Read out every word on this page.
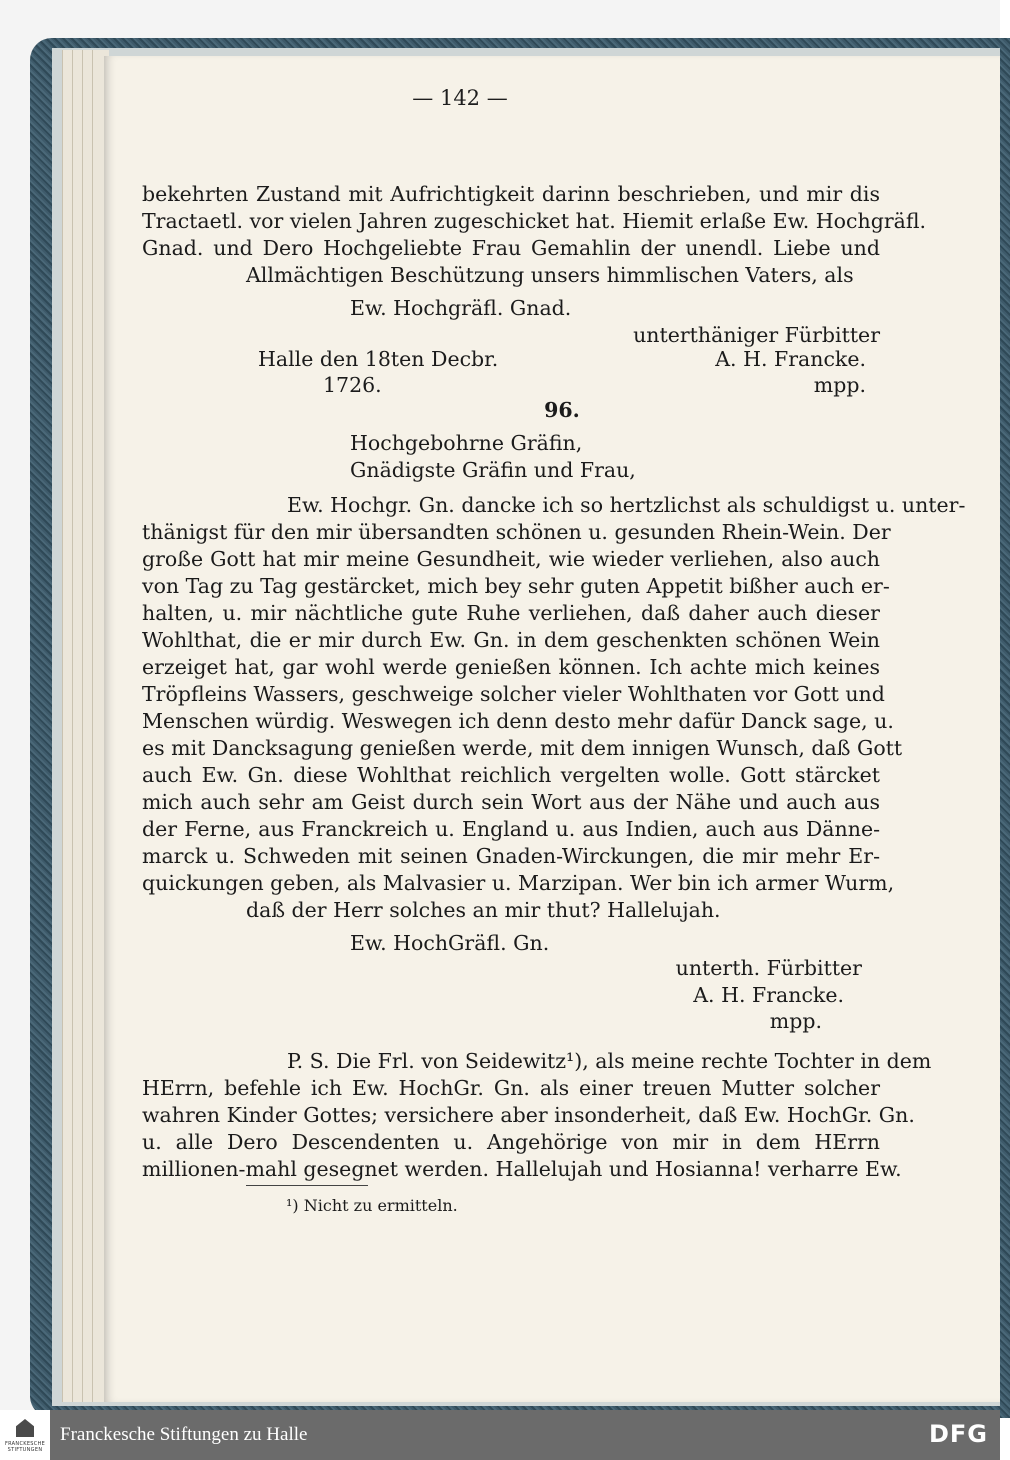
— 142 —
bekehrten Zustand mit Aufrichtigkeit darinn beschrieben, und mir dis
Tractaetl. vor vielen Jahren zugeschicket hat. Hiemit erlaße Ew. Hochgräfl.
Gnad. und Dero Hochgeliebte Frau Gemahlin der unendl. Liebe und
Allmächtigen Beschützung unsers himmlischen Vaters, als
Ew. Hochgräfl. Gnad.
unterthäniger Fürbitter
Halle den 18ten Decbr.	A. H. Francke.
1726.	mpp.
96.
Hochgebohrne Gräfin,
Gnädigste Gräfin und Frau,
Ew. Hochgr. Gn. dancke ich so hertzlichst als schuldigst u. unter-
thänigst für den mir übersandten schönen u. gesunden Rhein-Wein. Der
große Gott hat mir meine Gesundheit, wie wieder verliehen, also auch
von Tag zu Tag gestärcket, mich bey sehr guten Appetit bißher auch er-
halten, u. mir nächtliche gute Ruhe verliehen, daß daher auch dieser
Wohlthat, die er mir durch Ew. Gn. in dem geschenkten schönen Wein
erzeiget hat, gar wohl werde genießen können. Ich achte mich keines
Tröpfleins Wassers, geschweige solcher vieler Wohlthaten vor Gott und
Menschen würdig. Weswegen ich denn desto mehr dafür Danck sage, u.
es mit Dancksagung genießen werde, mit dem innigen Wunsch, daß Gott
auch Ew. Gn. diese Wohlthat reichlich vergelten wolle. Gott stärcket
mich auch sehr am Geist durch sein Wort aus der Nähe und auch aus
der Ferne, aus Franckreich u. England u. aus Indien, auch aus Dänne-
marck u. Schweden mit seinen Gnaden-Wirckungen, die mir mehr Er-
quickungen geben, als Malvasier u. Marzipan. Wer bin ich armer Wurm,
daß der Herr solches an mir thut? Hallelujah.
Ew. HochGräfl. Gn.
unterth. Fürbitter
A. H. Francke.
mpp.
P. S. Die Frl. von Seidewitz¹), als meine rechte Tochter in dem
HErrn, befehle ich Ew. HochGr. Gn. als einer treuen Mutter solcher
wahren Kinder Gottes; versichere aber insonderheit, daß Ew. HochGr. Gn.
u. alle Dero Descendenten u. Angehörige von mir in dem HErrn
millionen-mahl gesegnet werden. Hallelujah und Hosianna! verharre Ew.
¹) Nicht zu ermitteln.
FRANCKESCHE STIFTUNGEN
Franckesche Stiftungen zu Halle	DFG
